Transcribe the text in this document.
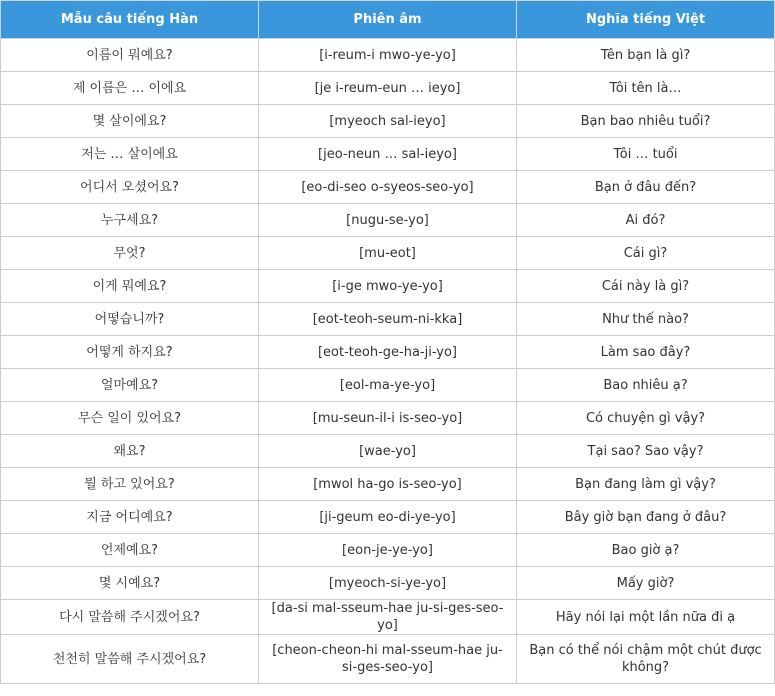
Mẫu câu tiếng Hàn	Phiên âm	Nghĩa tiếng Việt
이름이 뭐예요?	[i-reum-i mwo-ye-yo]	Tên bạn là gì?
제 이름은 … 이에요	[je i-reum-eun … ieyo]	Tôi tên là…
몇 살이에요?	[myeoch sal-ieyo]	Bạn bao nhiêu tuổi?
저는 … 살이에요	[jeo-neun … sal-ieyo]	Tôi … tuổi
어디서 오셨어요?	[eo-di-seo o-syeos-seo-yo]	Bạn ở đâu đến?
누구세요?	[nugu-se-yo]	Ai đó?
무엇?	[mu-eot]	Cái gì?
이게 뭐예요?	[i-ge mwo-ye-yo]	Cái này là gì?
어떻습니까?	[eot-teoh-seum-ni-kka]	Như thế nào?
어떻게 하지요?	[eot-teoh-ge-ha-ji-yo]	Làm sao đây?
얼마예요?	[eol-ma-ye-yo]	Bao nhiêu ạ?
무슨 일이 있어요?	[mu-seun-il-i is-seo-yo]	Có chuyện gì vậy?
왜요?	[wae-yo]	Tại sao? Sao vậy?
뭘 하고 있어요?	[mwol ha-go is-seo-yo]	Bạn đang làm gì vậy?
지금 어디예요?	[ji-geum eo-di-ye-yo]	Bây giờ bạn đang ở đâu?
언제예요?	[eon-je-ye-yo]	Bao giờ ạ?
몇 시예요?	[myeoch-si-ye-yo]	Mấy giờ?
다시 말씀해 주시겠어요?	[da-si mal-sseum-hae ju-si-ges-seo-yo]	Hãy nói lại một lần nữa đi ạ
천천히 말씀해 주시겠어요?	[cheon-cheon-hi mal-sseum-hae ju-si-ges-seo-yo]	Bạn có thể nói chậm một chút được không?
